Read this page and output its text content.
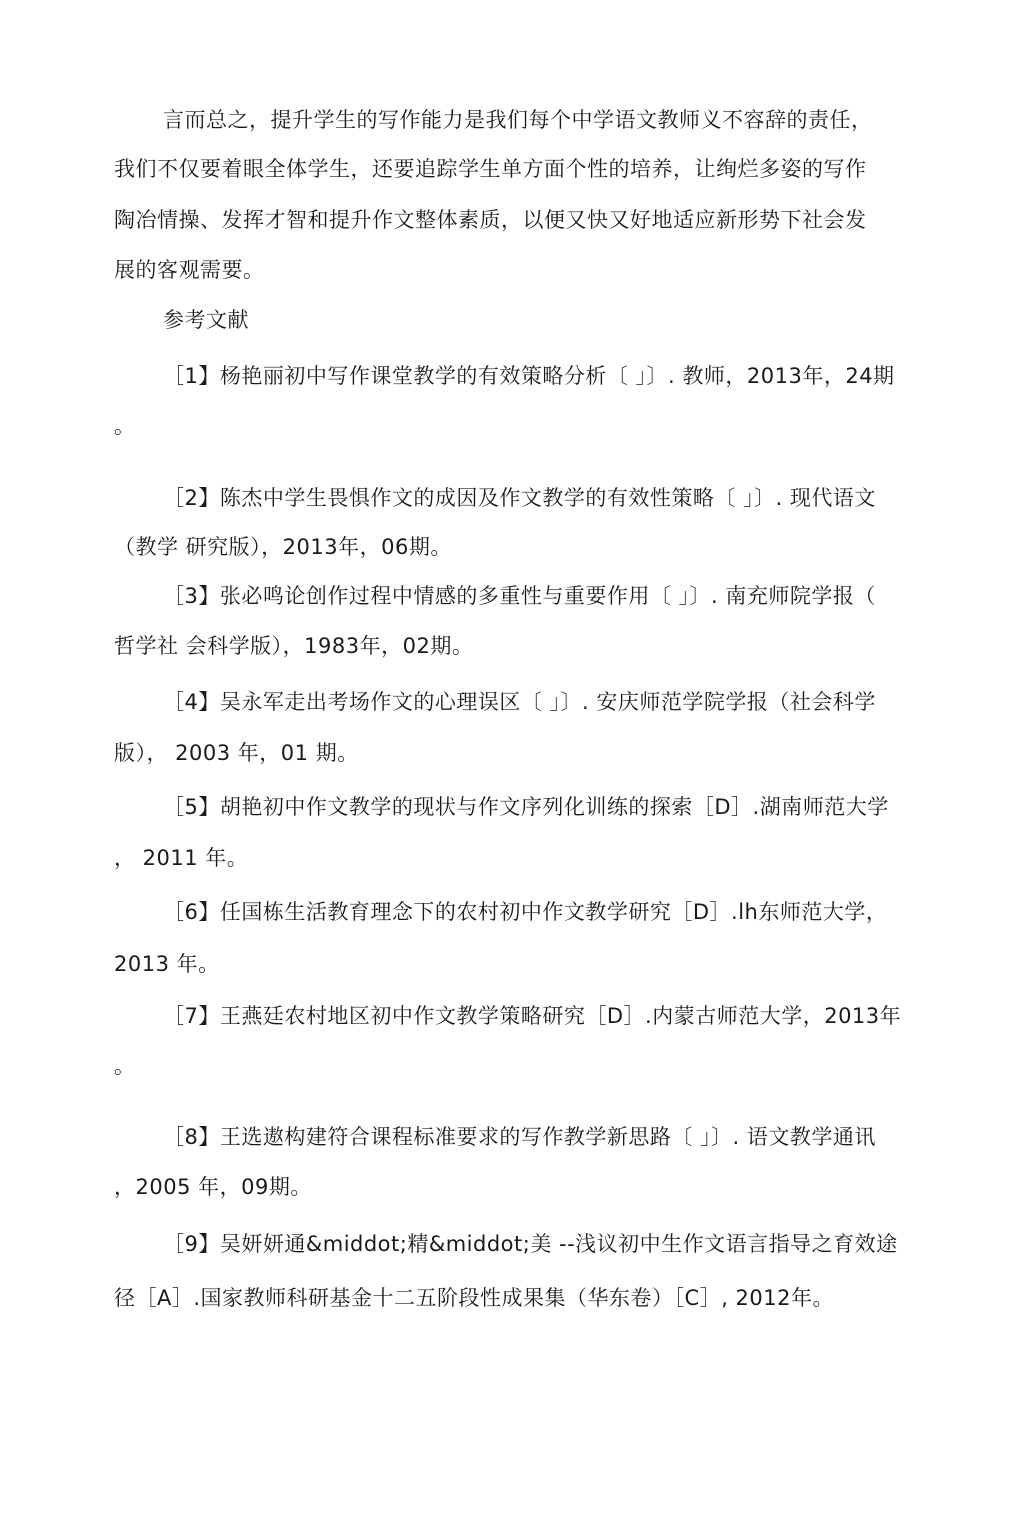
言而总之，提升学生的写作能力是我们每个中学语文教师义不容辞的责任，
我们不仅要着眼全体学生，还要追踪学生单方面个性的培养，让绚烂多姿的写作
陶冶情操、发挥才智和提升作文整体素质，以便又快又好地适应新形势下社会发
展的客观需要。
参考文献
［1】杨艳丽初中写作课堂教学的有效策略分析〔 」〕. 教师，2013年，24期
。
［2】陈杰中学生畏惧作文的成因及作文教学的有效性策略〔 」〕. 现代语文
（教学 研究版），2013年，06期。
［3】张必鸣论创作过程中情感的多重性与重要作用〔 」〕. 南充师院学报（
哲学社 会科学版），1983年，02期。
［4】吴永军走出考场作文的心理误区〔 」〕. 安庆师范学院学报（社会科学
版）， 2003 年，01 期。
［5】胡艳初中作文教学的现状与作文序列化训练的探索［D］.湖南师范大学
， 2011 年。
［6】任国栋生活教育理念下的农村初中作文教学研究［D］.lh东师范大学，
2013 年。
［7】王燕廷农村地区初中作文教学策略研究［D］.内蒙古师范大学，2013年
。
［8】王选遨构建符合课程标准要求的写作教学新思路〔 」〕. 语文教学通讯
，2005 年，09期。
［9】吴妍妍通&middot;精&middot;美 --浅议初中生作文语言指导之育效途
径［A］.国家教师科研基金十二五阶段性成果集（华东卷）［C］, 2012年。
